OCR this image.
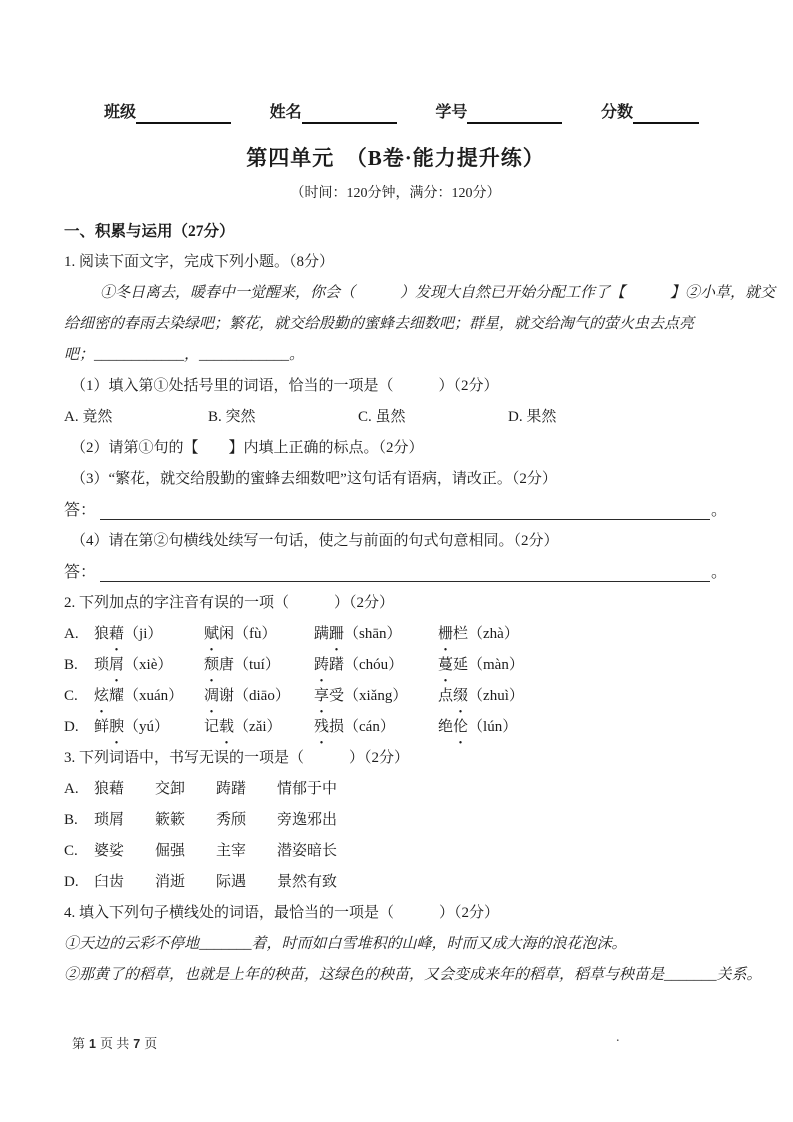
班级	姓名	学号	分数
第四单元　（B卷·能力提升练）
（时间：120分钟，满分：120分）
一、积累与运用（27分）
1. 阅读下面文字，完成下列小题。（8分）
①冬日离去，暖春中一觉醒来，你会（　　　）发现大自然已开始分配工作了【　　　】②小草，就交
给细密的春雨去染绿吧；繁花，就交给殷勤的蜜蜂去细数吧；群星，就交给淘气的萤火虫去点亮
吧；____________，____________。
（1）填入第①处括号里的词语，恰当的一项是（　　　）（2分）
A. 竟然	B. 突然	C. 虽然	D. 果然
（2）请第①句的【　　】内填上正确的标点。（2分）
（3）“繁花，就交给殷勤的蜜蜂去细数吧”这句话有语病，请改正。（2分）
答：	。
（4）请在第②句横线处续写一句话，使之与前面的句式句意相同。（2分）
答：	。
2. 下列加点的字注音有误的一项（　　　）（2分）
A.	狼藉（ji）	赋闲（fù）	蹒跚（shān）	栅栏（zhà）
B.	琐屑（xiè）	颓唐（tuí）	踌躇（chóu）	蔓延（màn）
C.	炫耀（xuán）	凋谢（diāo）	享受（xiǎng）	点缀（zhuì）
D.	鲜腴（yú）	记载（zǎi）	残损（cán）	绝伦（lún）
3. 下列词语中，书写无误的一项是（　　　）（2分）
A.	狼藉 交卸 踌躇 情郁于中
B.	琐屑 簌簌 秀颀 旁逸邪出
C.	婆娑 倔强 主宰 潜姿暗长
D.	臼齿 消逝 际遇 景然有致
4. 填入下列句子横线处的词语，最恰当的一项是（　　　）（2分）
①天边的云彩不停地_______着，时而如白雪堆积的山峰，时而又成大海的浪花泡沫。
②那黄了的稻草，也就是上年的秧苗，这绿色的秧苗，又会变成来年的稻草，稻草与秧苗是_______关系。
第 1 页 共 7 页	.
